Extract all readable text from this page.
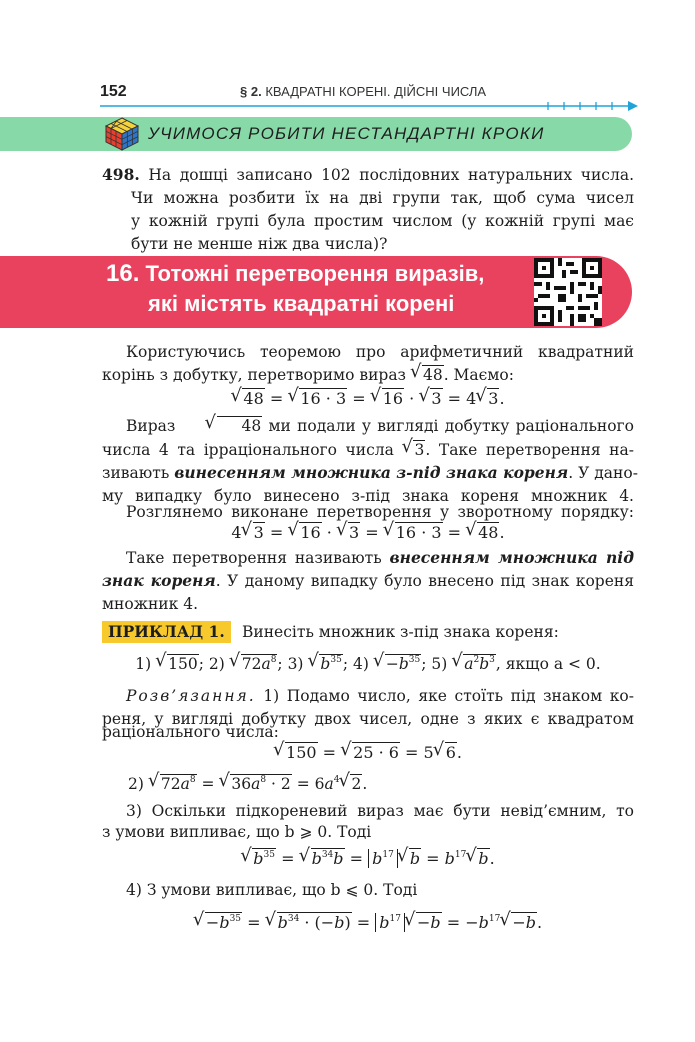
152	§ 2. КВАДРАТНІ КОРЕНІ. ДІЙСНІ ЧИСЛА
УЧИМОСЯ РОБИТИ НЕСТАНДАРТНІ КРОКИ
498. На дошці записано 102 послідовних натуральних числа.
Чи можна розбити їх на дві групи так, щоб сума чисел
у кожній групі була простим числом (у кожній групі має
бути не менше ніж два числа)?
16. Тотожні перетворення виразів,
які містять квадратні корені
Користуючись теоремою про арифметичний квадратний
корінь з добутку, перетворимо вираз √ 48. Маємо:
√ 48 = √ 16 · 3 = √ 16 · √ 3 = 4√ 3.
Вираз √	48 ми подали у вигляді добутку раціонального
числа 4 та ірраціонального числа √ 3. Таке перетворення на-
зивають винесенням множника з-під знака кореня. У дано-
му випадку було винесено з-під знака кореня множник 4.
Розглянемо виконане перетворення у зворотному порядку:
4√ 3 = √ 16 · √ 3 = √ 16 · 3 = √ 48.
Таке перетворення називають внесенням множника під
знак кореня. У даному випадку було внесено під знак кореня
множник 4.
ПРИКЛАД 1.	Винесіть множник з-під знака кореня:
1) √ 150; 2) √ $72a^8$; 3) √ $b^{35}$; 4) √ $-b^{35}$; 5) √ $a^2b^3$, якщо a < 0.
Розв’язання. 1) Подамо число, яке стоїть під знаком ко-
реня, у вигляді добутку двох чисел, одне з яких є квадратом
раціонального числа:
√ 150 = √ 25 · 6 = 5√ 6.
2) √ $72a^8$ = √ $36a^8 \cdot 2 = 6a^4√$ 2.
3) Оскільки підкореневий вираз має бути невід’ємним, то
з умови випливає, що b ⩾ 0. Тоді
√ $b^{35}$ = √ $b^{34}b = b^{17}√$ $b = b^{17}√$ b.
4) З умови випливає, що b ⩽ 0. Тоді
√ $-b^{35}$ = √ $b^{34} \cdot (-b) = b^{17}√ -b = -b^{17}√ -b$.
